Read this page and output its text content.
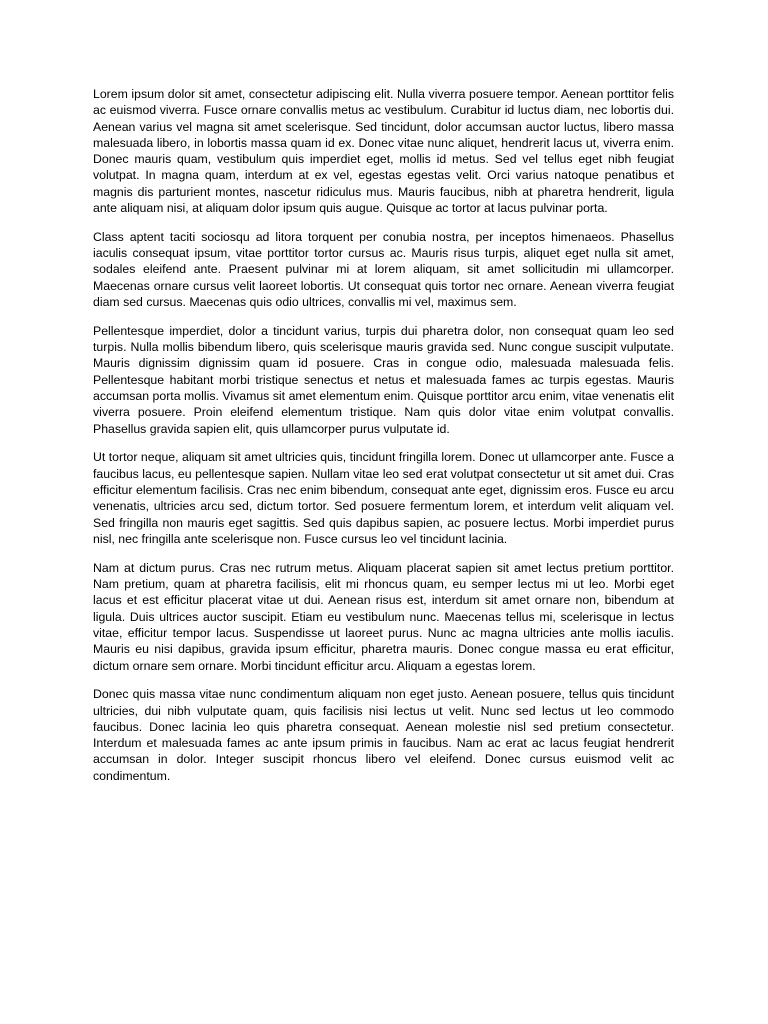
Lorem ipsum dolor sit amet, consectetur adipiscing elit. Nulla viverra posuere tempor. Aenean porttitor felis ac euismod viverra. Fusce ornare convallis metus ac vestibulum. Curabitur id luctus diam, nec lobortis dui. Aenean varius vel magna sit amet scelerisque. Sed tincidunt, dolor accumsan auctor luctus, libero massa malesuada libero, in lobortis massa quam id ex. Donec vitae nunc aliquet, hendrerit lacus ut, viverra enim. Donec mauris quam, vestibulum quis imperdiet eget, mollis id metus. Sed vel tellus eget nibh feugiat volutpat. In magna quam, interdum at ex vel, egestas egestas velit. Orci varius natoque penatibus et magnis dis parturient montes, nascetur ridiculus mus. Mauris faucibus, nibh at pharetra hendrerit, ligula ante aliquam nisi, at aliquam dolor ipsum quis augue. Quisque ac tortor at lacus pulvinar porta.

Class aptent taciti sociosqu ad litora torquent per conubia nostra, per inceptos himenaeos. Phasellus iaculis consequat ipsum, vitae porttitor tortor cursus ac. Mauris risus turpis, aliquet eget nulla sit amet, sodales eleifend ante. Praesent pulvinar mi at lorem aliquam, sit amet sollicitudin mi ullamcorper. Maecenas ornare cursus velit laoreet lobortis. Ut consequat quis tortor nec ornare. Aenean viverra feugiat diam sed cursus. Maecenas quis odio ultrices, convallis mi vel, maximus sem.

Pellentesque imperdiet, dolor a tincidunt varius, turpis dui pharetra dolor, non consequat quam leo sed turpis. Nulla mollis bibendum libero, quis scelerisque mauris gravida sed. Nunc congue suscipit vulputate. Mauris dignissim dignissim quam id posuere. Cras in congue odio, malesuada malesuada felis. Pellentesque habitant morbi tristique senectus et netus et malesuada fames ac turpis egestas. Mauris accumsan porta mollis. Vivamus sit amet elementum enim. Quisque porttitor arcu enim, vitae venenatis elit viverra posuere. Proin eleifend elementum tristique. Nam quis dolor vitae enim volutpat convallis. Phasellus gravida sapien elit, quis ullamcorper purus vulputate id.

Ut tortor neque, aliquam sit amet ultricies quis, tincidunt fringilla lorem. Donec ut ullamcorper ante. Fusce a faucibus lacus, eu pellentesque sapien. Nullam vitae leo sed erat volutpat consectetur ut sit amet dui. Cras efficitur elementum facilisis. Cras nec enim bibendum, consequat ante eget, dignissim eros. Fusce eu arcu venenatis, ultricies arcu sed, dictum tortor. Sed posuere fermentum lorem, et interdum velit aliquam vel. Sed fringilla non mauris eget sagittis. Sed quis dapibus sapien, ac posuere lectus. Morbi imperdiet purus nisl, nec fringilla ante scelerisque non. Fusce cursus leo vel tincidunt lacinia.

Nam at dictum purus. Cras nec rutrum metus. Aliquam placerat sapien sit amet lectus pretium porttitor. Nam pretium, quam at pharetra facilisis, elit mi rhoncus quam, eu semper lectus mi ut leo. Morbi eget lacus et est efficitur placerat vitae ut dui. Aenean risus est, interdum sit amet ornare non, bibendum at ligula. Duis ultrices auctor suscipit. Etiam eu vestibulum nunc. Maecenas tellus mi, scelerisque in lectus vitae, efficitur tempor lacus. Suspendisse ut laoreet purus. Nunc ac magna ultricies ante mollis iaculis. Mauris eu nisi dapibus, gravida ipsum efficitur, pharetra mauris. Donec congue massa eu erat efficitur, dictum ornare sem ornare. Morbi tincidunt efficitur arcu. Aliquam a egestas lorem.

Donec quis massa vitae nunc condimentum aliquam non eget justo. Aenean posuere, tellus quis tincidunt ultricies, dui nibh vulputate quam, quis facilisis nisi lectus ut velit. Nunc sed lectus ut leo commodo faucibus. Donec lacinia leo quis pharetra consequat. Aenean molestie nisl sed pretium consectetur. Interdum et malesuada fames ac ante ipsum primis in faucibus. Nam ac erat ac lacus feugiat hendrerit accumsan in dolor. Integer suscipit rhoncus libero vel eleifend. Donec cursus euismod velit ac condimentum.
